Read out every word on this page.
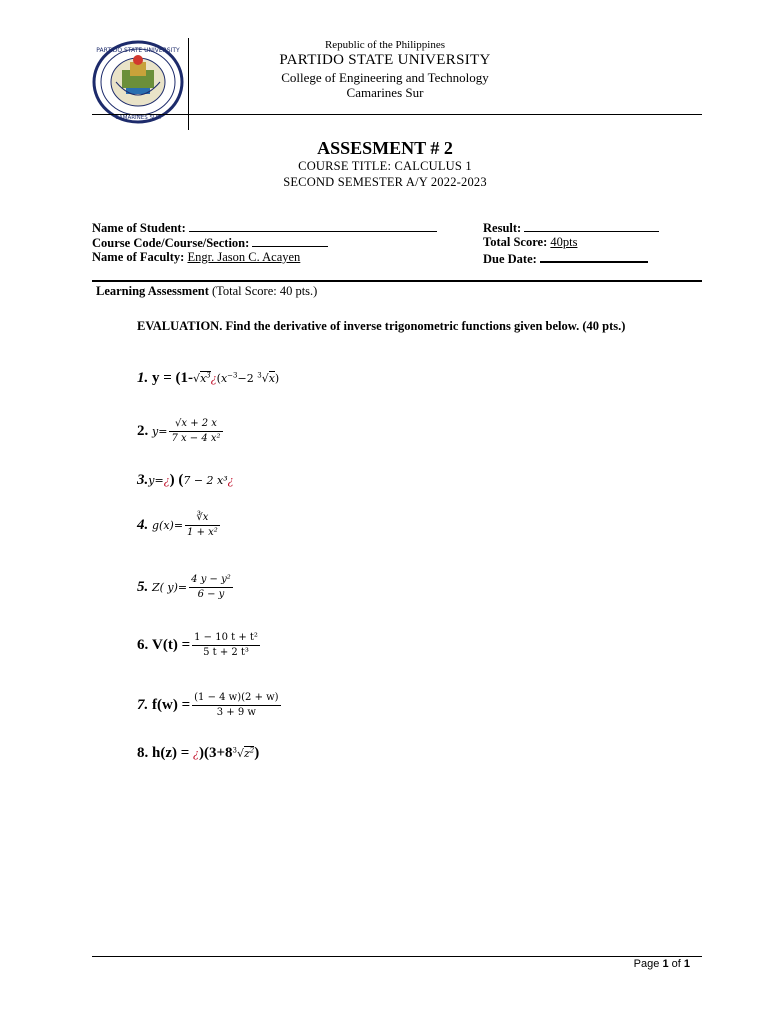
PARTIDO STATE UNIVERSITY
CAMARINES SUR
Republic of the Philippines
PARTIDO STATE UNIVERSITY
College of Engineering and Technology
Camarines Sur
ASSESMENT # 2
COURSE TITLE: CALCULUS 1
SECOND SEMESTER A/Y 2022-2023
Name of Student:
Course Code/Course/Section:
Name of Faculty: Engr. Jason C. Acayen
Result:
Total Score: 40pts
Due Date:
Learning Assessment (Total Score: 40 pts.)
EVALUATION. Find the derivative of inverse trigonometric functions given below. (40 pts.)
1. $y = (1-√x^3¿(x^{-3}-2$ $^3$√x)
2. $y= \frac{√x + 2 x}{\text{7 x − 4 x²}}$
3.y=¿) (7 − 2 x³¿
4. $g(x)= \frac{∛x}{\text{1 + x²}}$
5. Z( $y)= \frac{\text{4 y − y²}}{6 - y}$
6. $V(t) = \frac{\text{1 − 10 t + t²}}{\text{5 t + 2 t³}}$
7. $f(w) = \frac{(1 - 4 w)(2 + w)}{3 + 9 w}$
8. $h(z) = ¿)(3+8^3√z^2)$
Page 1 of 1
